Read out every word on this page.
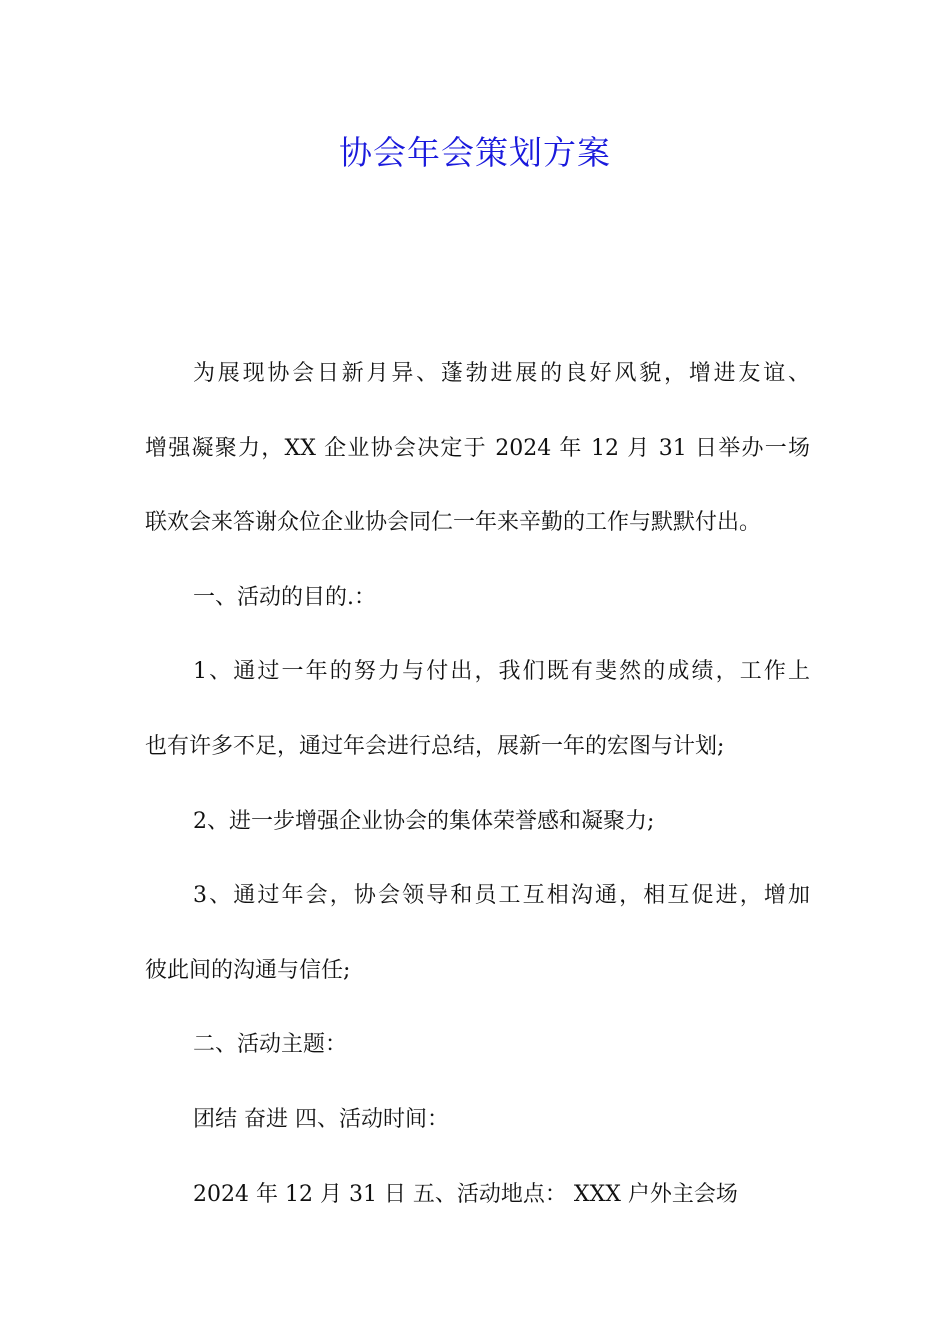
协会年会策划方案
为展现协会日新月异、蓬勃进展的良好风貌，增进友谊、
增强凝聚力，XX 企业协会决定于 2024 年 12 月 31 日举办一场
联欢会来答谢众位企业协会同仁一年来辛勤的工作与默默付出。
一、活动的目的.：
1、通过一年的努力与付出，我们既有斐然的成绩，工作上
也有许多不足，通过年会进行总结，展新一年的宏图与计划;
2、进一步增强企业协会的集体荣誉感和凝聚力;
3、通过年会，协会领导和员工互相沟通，相互促进，增加
彼此间的沟通与信任;
二、活动主题：
团结 奋进 四、活动时间：
2024 年 12 月 31 日 五、活动地点： XXX 户外主会场
